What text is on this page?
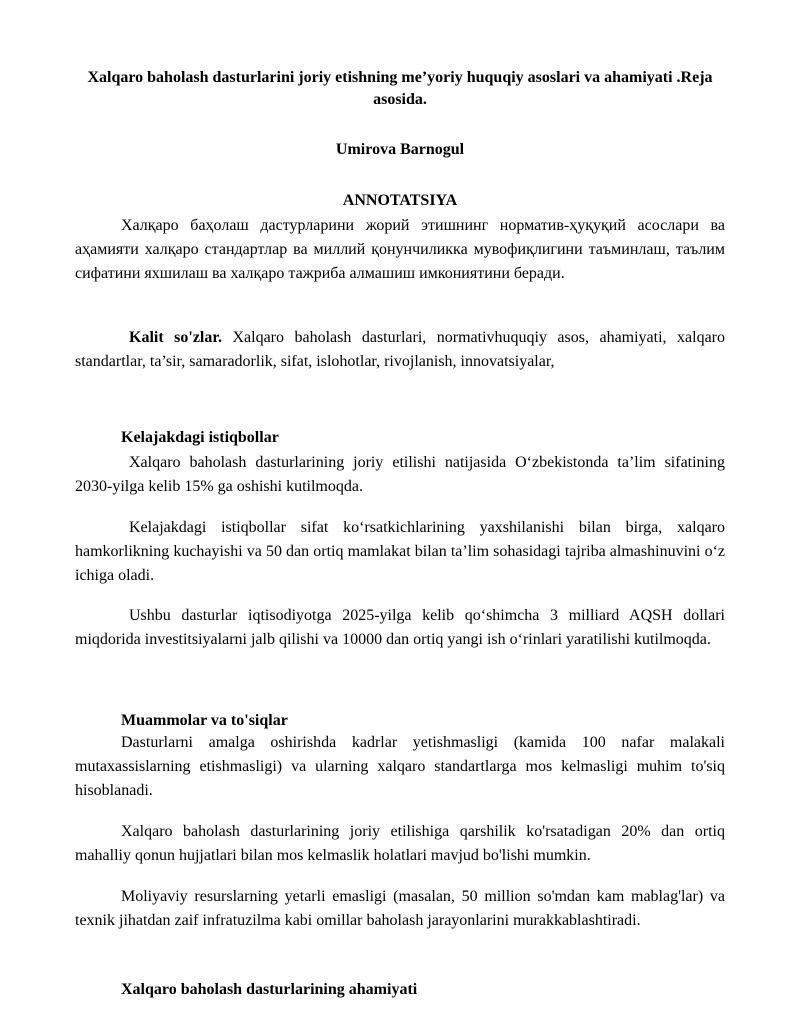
Xalqaro baholash dasturlarini joriy etishning me’yoriy huquqiy asoslari va ahamiyati .Reja asosida.
Umirova Barnogul
ANNOTATSIYA

Халқаро баҳолаш дастурларини жорий этишнинг норматив-ҳуқуқий асослари ва аҳамияти халқаро стандартлар ва миллий қонунчиликка мувофиқлигини таъминлаш, таълим сифатини яхшилаш ва халқаро тажриба алмашиш имкониятини беради.

Kalit so'zlar. Xalqaro baholash dasturlari, normativhuquqiy asos, ahamiyati, xalqaro standartlar, ta’sir, samaradorlik, sifat, islohotlar, rivojlanish, innovatsiyalar,

Kelajakdagi istiqbollar

Xalqaro baholash dasturlarining joriy etilishi natijasida O‘zbekistonda ta’lim sifatining 2030-yilga kelib 15% ga oshishi kutilmoqda.

Kelajakdagi istiqbollar sifat ko‘rsatkichlarining yaxshilanishi bilan birga, xalqaro hamkorlikning kuchayishi va 50 dan ortiq mamlakat bilan ta’lim sohasidagi tajriba almashinuvini o‘z ichiga oladi.

Ushbu dasturlar iqtisodiyotga 2025-yilga kelib qo‘shimcha 3 milliard AQSH dollari miqdorida investitsiyalarni jalb qilishi va 10000 dan ortiq yangi ish o‘rinlari yaratilishi kutilmoqda.

Muammolar va to'siqlar

Dasturlarni amalga oshirishda kadrlar yetishmasligi (kamida 100 nafar malakali mutaxassislarning etishmasligi) va ularning xalqaro standartlarga mos kelmasligi muhim to'siq hisoblanadi.

Xalqaro baholash dasturlarining joriy etilishiga qarshilik ko'rsatadigan 20% dan ortiq mahalliy qonun hujjatlari bilan mos kelmaslik holatlari mavjud bo'lishi mumkin.

Moliyaviy resurslarning yetarli emasligi (masalan, 50 million so'mdan kam mablag'lar) va texnik jihatdan zaif infratuzilma kabi omillar baholash jarayonlarini murakkablashtiradi.

Xalqaro baholash dasturlarining ahamiyati
